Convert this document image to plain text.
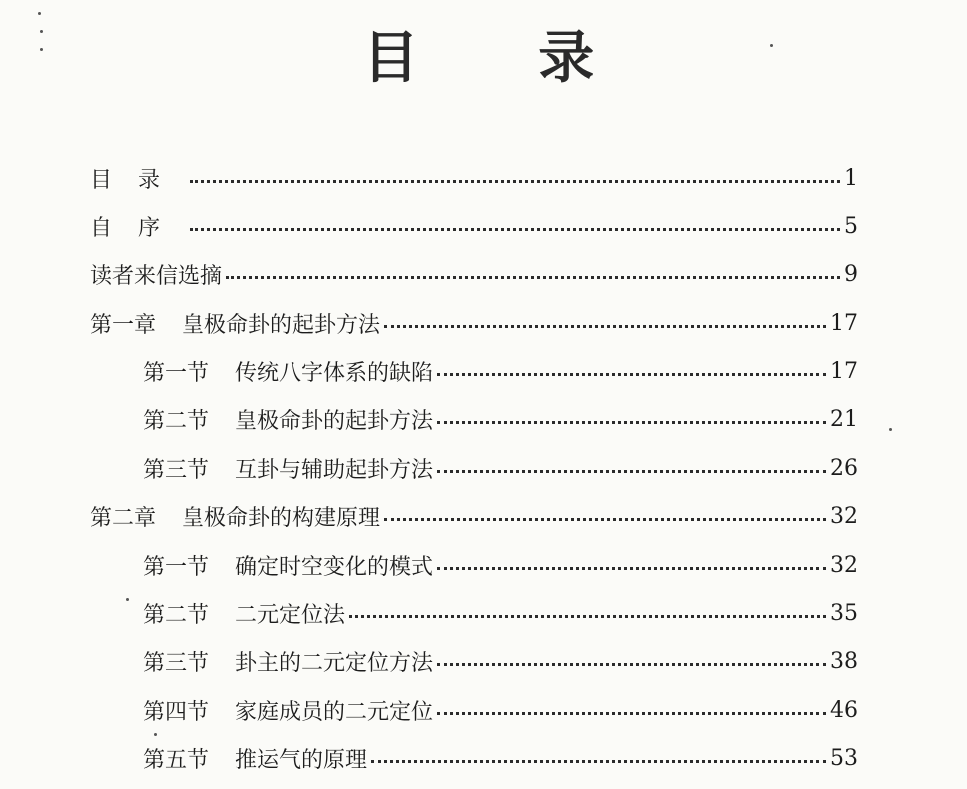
目 录
目录	1
自序	5
读者来信选摘	9
第一章 皇极命卦的起卦方法	17
第一节 传统八字体系的缺陷	17
第二节 皇极命卦的起卦方法	21
第三节 互卦与辅助起卦方法	26
第二章 皇极命卦的构建原理	32
第一节 确定时空变化的模式	32
第二节 二元定位法	35
第三节 卦主的二元定位方法	38
第四节 家庭成员的二元定位	46
第五节 推运气的原理	53
